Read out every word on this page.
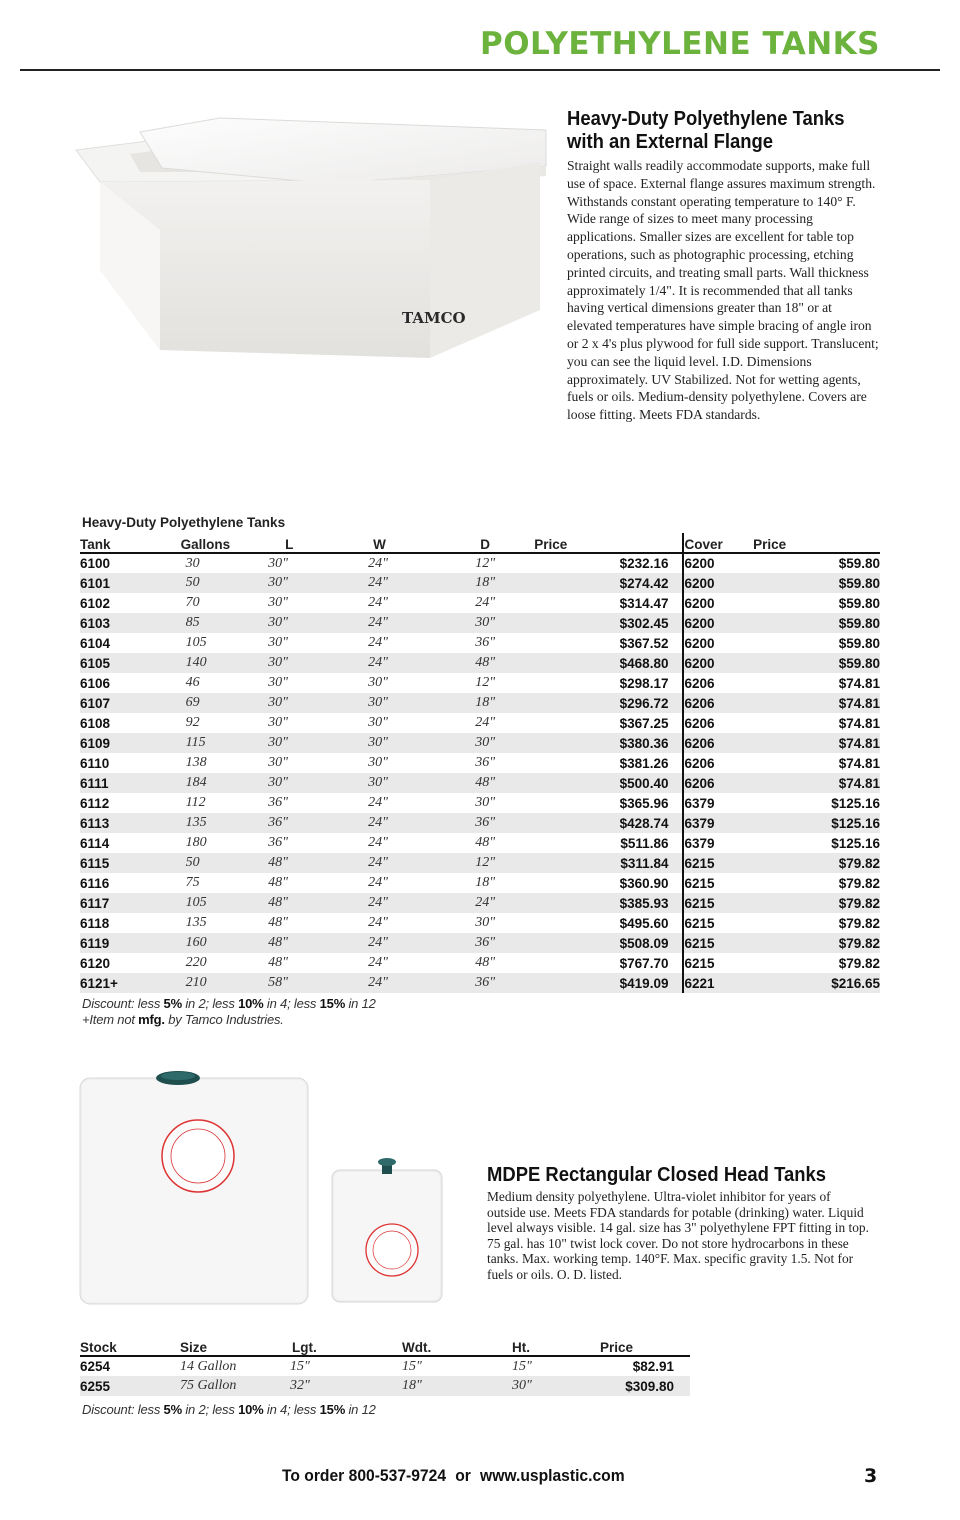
POLYETHYLENE TANKS
TAMCO
Heavy-Duty Polyethylene Tanks with an External Flange
Straight walls readily accommodate supports, make full use of space. External flange assures maximum strength. Withstands constant operating temperature to 140° F. Wide range of sizes to meet many processing applications. Smaller sizes are excellent for table top operations, such as photographic processing, etching printed circuits, and treating small parts. Wall thickness approximately 1/4". It is recommended that all tanks having vertical dimensions greater than 18" or at elevated temperatures have simple bracing of angle iron or 2 x 4's plus plywood for full side support. Translucent; you can see the liquid level. I.D. Dimensions approximately. UV Stabilized. Not for wetting agents, fuels or oils. Medium-density polyethylene. Covers are loose fitting. Meets FDA standards.
Heavy-Duty Polyethylene Tanks
Tank	Gallons	L	W	D	Price	Cover	Price
6100	30	30"	24"	12"	$232.16	6200	$59.80
6101	50	30"	24"	18"	$274.42	6200	$59.80
6102	70	30"	24"	24"	$314.47	6200	$59.80
6103	85	30"	24"	30"	$302.45	6200	$59.80
6104	105	30"	24"	36"	$367.52	6200	$59.80
6105	140	30"	24"	48"	$468.80	6200	$59.80
6106	46	30"	30"	12"	$298.17	6206	$74.81
6107	69	30"	30"	18"	$296.72	6206	$74.81
6108	92	30"	30"	24"	$367.25	6206	$74.81
6109	115	30"	30"	30"	$380.36	6206	$74.81
6110	138	30"	30"	36"	$381.26	6206	$74.81
6111	184	30"	30"	48"	$500.40	6206	$74.81
6112	112	36"	24"	30"	$365.96	6379	$125.16
6113	135	36"	24"	36"	$428.74	6379	$125.16
6114	180	36"	24"	48"	$511.86	6379	$125.16
6115	50	48"	24"	12"	$311.84	6215	$79.82
6116	75	48"	24"	18"	$360.90	6215	$79.82
6117	105	48"	24"	24"	$385.93	6215	$79.82
6118	135	48"	24"	30"	$495.60	6215	$79.82
6119	160	48"	24"	36"	$508.09	6215	$79.82
6120	220	48"	24"	48"	$767.70	6215	$79.82
6121+	210	58"	24"	36"	$419.09	6221	$216.65
Discount: less 5% in 2; less 10% in 4; less 15% in 12
+Item not mfg. by Tamco Industries.
MDPE Rectangular Closed Head Tanks
Medium density polyethylene. Ultra-violet inhibitor for years of outside use. Meets FDA standards for potable (drinking) water. Liquid level always visible. 14 gal. size has 3" polyethylene FPT fitting in top. 75 gal. has 10" twist lock cover. Do not store hydrocarbons in these tanks. Max. working temp. 140°F. Max. specific gravity 1.5. Not for fuels or oils. O. D. listed.
Stock	Size	Lgt.	Wdt.	Ht.	Price
6254	14 Gallon	15"	15"	15"	$82.91
6255	75 Gallon	32"	18"	30"	$309.80
Discount: less 5% in 2; less 10% in 4; less 15% in 12
To order 800-537-9724 or www.usplastic.com	3
